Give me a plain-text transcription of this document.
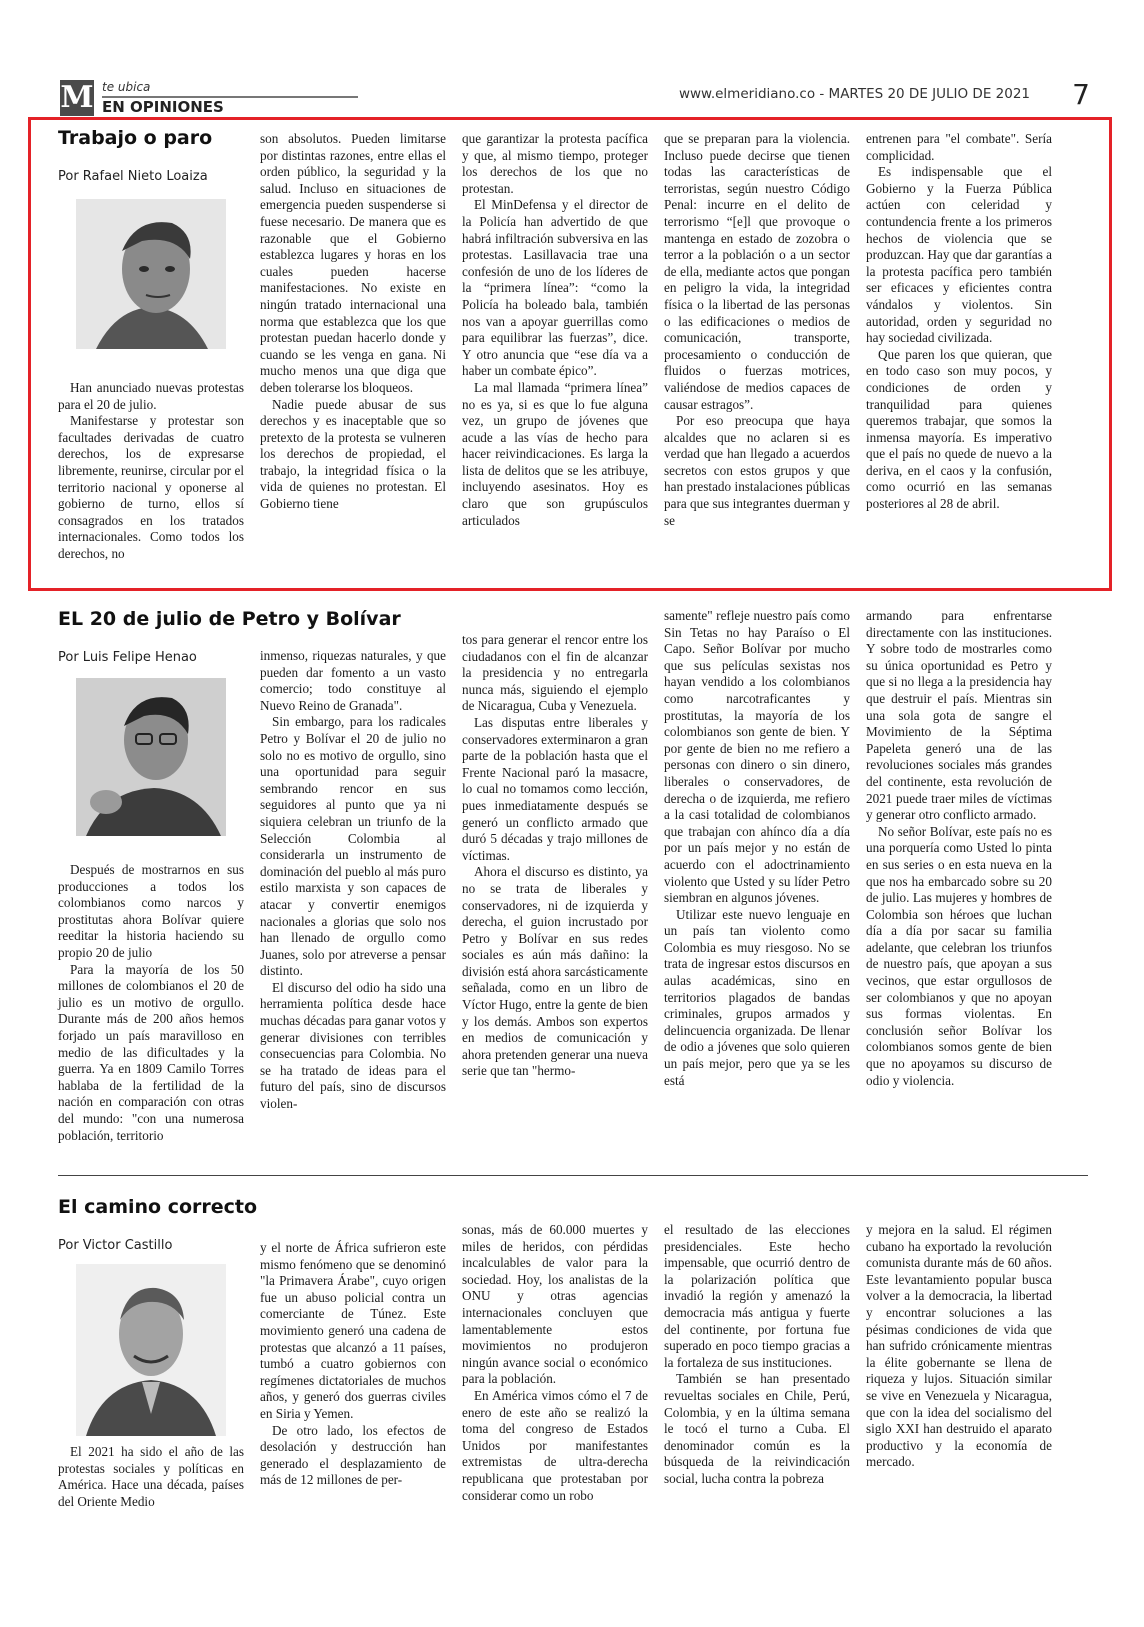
M te ubica
EN OPINIONES
www.elmeridiano.co - MARTES 20 DE JULIO DE 2021 7
Trabajo o paro
Por Rafael Nieto Loaiza

Han anunciado nuevas protestas para el 20 de julio.

Manifestarse y protestar son facultades derivadas de cuatro derechos, los de expresarse libremente, reunirse, circular por el territorio nacional y oponerse al gobierno de turno, ellos sí consagrados en los tratados internacionales. Como todos los derechos, no

son absolutos. Pueden limitarse por distintas razones, entre ellas el orden público, la seguridad y la salud. Incluso en situaciones de emergencia pueden suspenderse si fuese necesario. De manera que es razonable que el Gobierno establezca lugares y horas en los cuales pueden hacerse manifestaciones. No existe en ningún tratado internacional una norma que establezca que los que protestan puedan hacerlo donde y cuando se les venga en gana. Ni mucho menos una que diga que deben tolerarse los bloqueos.

Nadie puede abusar de sus derechos y es inaceptable que so pretexto de la protesta se vulneren los derechos de propiedad, el trabajo, la integridad física o la vida de quienes no protestan. El Gobierno tiene

que garantizar la protesta pacífica y que, al mismo tiempo, proteger los derechos de los que no protestan.

El MinDefensa y el director de la Policía han advertido de que habrá infiltración subversiva en las protestas. Lasillavacia trae una confesión de uno de los líderes de la “primera línea”: “como la Policía ha boleado bala, también nos van a apoyar guerrillas como para equilibrar las fuerzas”, dice. Y otro anuncia que “ese día va a haber un combate épico”.

La mal llamada “primera línea” no es ya, si es que lo fue alguna vez, un grupo de jóvenes que acude a las vías de hecho para hacer reivindicaciones. Es larga la lista de delitos que se les atribuye, incluyendo asesinatos. Hoy es claro que son grupúsculos articulados

que se preparan para la violencia. Incluso puede decirse que tienen todas las características de terroristas, según nuestro Código Penal: incurre en el delito de terrorismo “[e]l que provoque o mantenga en estado de zozobra o terror a la población o a un sector de ella, mediante actos que pongan en peligro la vida, la integridad física o la libertad de las personas o las edificaciones o medios de comunicación, transporte, procesamiento o conducción de fluidos o fuerzas motrices, valiéndose de medios capaces de causar estragos”.

Por eso preocupa que haya alcaldes que no aclaren si es verdad que han llegado a acuerdos secretos con estos grupos y que han prestado instalaciones públicas para que sus integrantes duerman y se

entrenen para "el combate". Sería complicidad.

Es indispensable que el Gobierno y la Fuerza Pública actúen con celeridad y contundencia frente a los primeros hechos de violencia que se produzcan. Hay que dar garantías a la protesta pacífica pero también ser eficaces y eficientes contra vándalos y violentos. Sin autoridad, orden y seguridad no hay sociedad civilizada.

Que paren los que quieran, que en todo caso son muy pocos, y condiciones de orden y tranquilidad para quienes queremos trabajar, que somos la inmensa mayoría. Es imperativo que el país no quede de nuevo a la deriva, en el caos y la confusión, como ocurrió en las semanas posteriores al 28 de abril.

EL 20 de julio de Petro y Bolívar
Por Luis Felipe Henao

Después de mostrarnos en sus producciones a todos los colombianos como narcos y prostitutas ahora Bolívar quiere reeditar la historia haciendo su propio 20 de julio

Para la mayoría de los 50 millones de colombianos el 20 de julio es un motivo de orgullo. Durante más de 200 años hemos forjado un país maravilloso en medio de las dificultades y la guerra. Ya en 1809 Camilo Torres hablaba de la fertilidad de la nación en comparación con otras del mundo: "con una numerosa población, territorio

inmenso, riquezas naturales, y que pueden dar fomento a un vasto comercio; todo constituye al Nuevo Reino de Granada".

Sin embargo, para los radicales Petro y Bolívar el 20 de julio no solo no es motivo de orgullo, sino una oportunidad para seguir sembrando rencor en sus seguidores al punto que ya ni siquiera celebran un triunfo de la Selección Colombia al considerarla un instrumento de dominación del pueblo al más puro estilo marxista y son capaces de atacar y convertir enemigos nacionales a glorias que solo nos han llenado de orgullo como Juanes, solo por atreverse a pensar distinto.

El discurso del odio ha sido una herramienta política desde hace muchas décadas para ganar votos y generar divisiones con terribles consecuencias para Colombia. No se ha tratado de ideas para el futuro del país, sino de discursos violen-

tos para generar el rencor entre los ciudadanos con el fin de alcanzar la presidencia y no entregarla nunca más, siguiendo el ejemplo de Nicaragua, Cuba y Venezuela.

Las disputas entre liberales y conservadores exterminaron a gran parte de la población hasta que el Frente Nacional paró la masacre, lo cual no tomamos como lección, pues inmediatamente después se generó un conflicto armado que duró 5 décadas y trajo millones de víctimas.

Ahora el discurso es distinto, ya no se trata de liberales y conservadores, ni de izquierda y derecha, el guion incrustado por Petro y Bolívar en sus redes sociales es aún más dañino: la división está ahora sarcásticamente señalada, como en un libro de Víctor Hugo, entre la gente de bien y los demás. Ambos son expertos en medios de comunicación y ahora pretenden generar una nueva serie que tan "hermo-

samente" refleje nuestro país como Sin Tetas no hay Paraíso o El Capo. Señor Bolívar por mucho que sus películas sexistas nos hayan vendido a los colombianos como narcotraficantes y prostitutas, la mayoría de los colombianos son gente de bien. Y por gente de bien no me refiero a personas con dinero o sin dinero, liberales o conservadores, de derecha o de izquierda, me refiero a la casi totalidad de colombianos que trabajan con ahínco día a día por un país mejor y no están de acuerdo con el adoctrinamiento violento que Usted y su líder Petro siembran en algunos jóvenes.

Utilizar este nuevo lenguaje en un país tan violento como Colombia es muy riesgoso. No se trata de ingresar estos discursos en aulas académicas, sino en territorios plagados de bandas criminales, grupos armados y delincuencia organizada. De llenar de odio a jóvenes que solo quieren un país mejor, pero que ya se les está

armando para enfrentarse directamente con las instituciones. Y sobre todo de mostrarles como su única oportunidad es Petro y que si no llega a la presidencia hay que destruir el país. Mientras sin una sola gota de sangre el Movimiento de la Séptima Papeleta generó una de las revoluciones sociales más grandes del continente, esta revolución de 2021 puede traer miles de víctimas y generar otro conflicto armado.

No señor Bolívar, este país no es una porquería como Usted lo pinta en sus series o en esta nueva en la que nos ha embarcado sobre su 20 de julio. Las mujeres y hombres de Colombia son héroes que luchan día a día por sacar su familia adelante, que celebran los triunfos de nuestro país, que apoyan a sus vecinos, que estar orgullosos de ser colombianos y que no apoyan sus formas violentas. En conclusión señor Bolívar los colombianos somos gente de bien que no apoyamos su discurso de odio y violencia.

El camino correcto
Por Victor Castillo

El 2021 ha sido el año de las protestas sociales y políticas en América. Hace una década, países del Oriente Medio

y el norte de África sufrieron este mismo fenómeno que se denominó "la Primavera Árabe", cuyo origen fue un abuso policial contra un comerciante de Túnez. Este movimiento generó una cadena de protestas que alcanzó a 11 países, tumbó a cuatro gobiernos con regímenes dictatoriales de muchos años, y generó dos guerras civiles en Siria y Yemen.

De otro lado, los efectos de desolación y destrucción han generado el desplazamiento de más de 12 millones de per-

sonas, más de 60.000 muertes y miles de heridos, con pérdidas incalculables de valor para la sociedad. Hoy, los analistas de la ONU y otras agencias internacionales concluyen que lamentablemente estos movimientos no produjeron ningún avance social o económico para la población.

En América vimos cómo el 7 de enero de este año se realizó la toma del congreso de Estados Unidos por manifestantes extremistas de ultra-derecha republicana que protestaban por considerar como un robo

el resultado de las elecciones presidenciales. Este hecho impensable, que ocurrió dentro de la polarización política que invadió la región y amenazó la democracia más antigua y fuerte del continente, por fortuna fue superado en poco tiempo gracias a la fortaleza de sus instituciones.

También se han presentado revueltas sociales en Chile, Perú, Colombia, y en la última semana le tocó el turno a Cuba. El denominador común es la búsqueda de la reivindicación social, lucha contra la pobreza

y mejora en la salud. El régimen cubano ha exportado la revolución comunista durante más de 60 años. Este levantamiento popular busca volver a la democracia, la libertad y encontrar soluciones a las pésimas condiciones de vida que han sufrido crónicamente mientras la élite gobernante se llena de riqueza y lujos. Situación similar se vive en Venezuela y Nicaragua, que con la idea del socialismo del siglo XXI han destruido el aparato productivo y la economía de mercado.
